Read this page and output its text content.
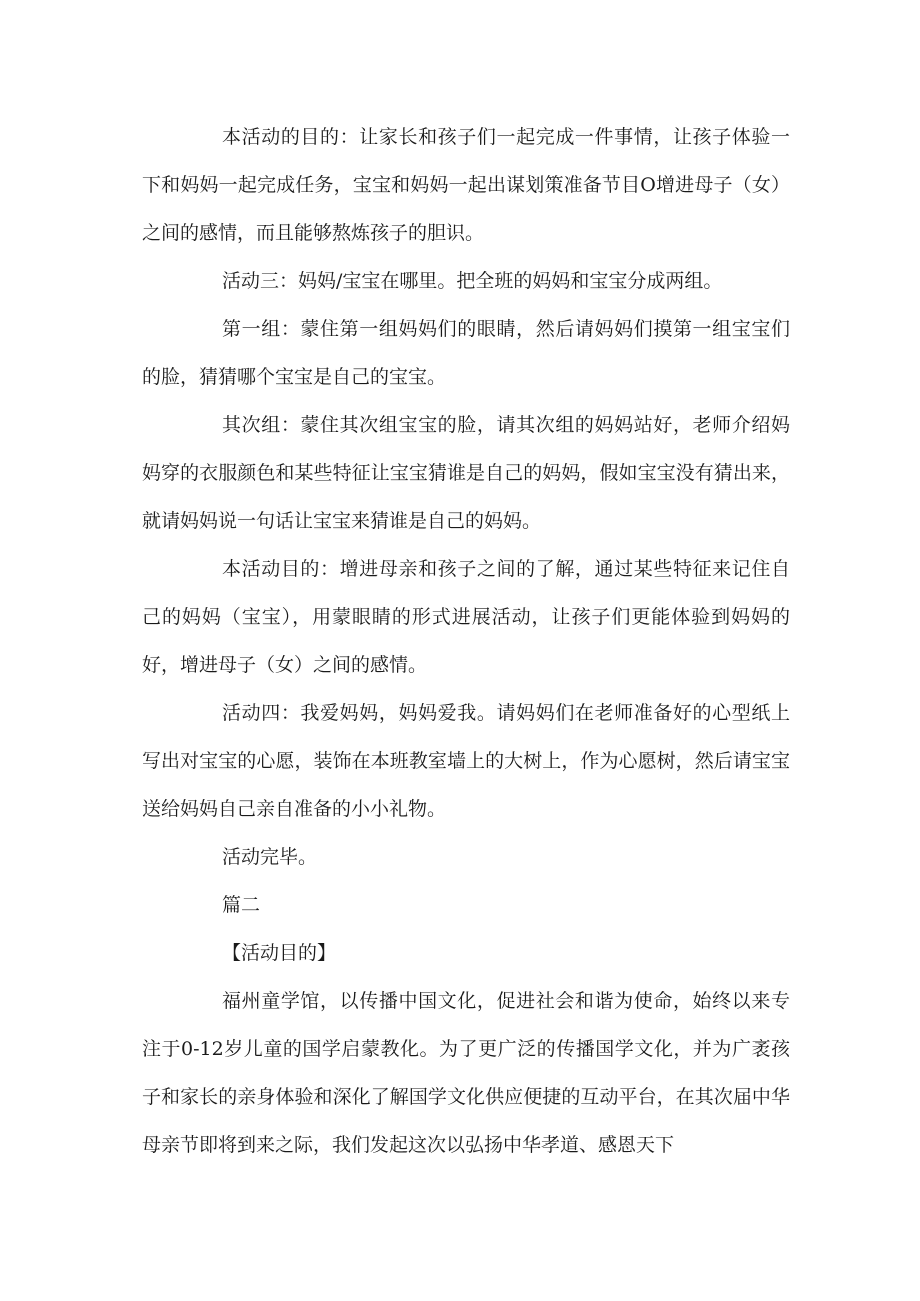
本活动的目的：让家长和孩子们一起完成一件事情，让孩子体验一下和妈妈一起完成任务，宝宝和妈妈一起出谋划策准备节目O增进母子（女）之间的感情，而且能够熬炼孩子的胆识。

活动三：妈妈/宝宝在哪里。把全班的妈妈和宝宝分成两组。

第一组：蒙住第一组妈妈们的眼睛，然后请妈妈们摸第一组宝宝们的脸，猜猜哪个宝宝是自己的宝宝。

其次组：蒙住其次组宝宝的脸，请其次组的妈妈站好，老师介绍妈妈穿的衣服颜色和某些特征让宝宝猜谁是自己的妈妈，假如宝宝没有猜出来，就请妈妈说一句话让宝宝来猜谁是自己的妈妈。

本活动目的：增进母亲和孩子之间的了解，通过某些特征来记住自己的妈妈（宝宝），用蒙眼睛的形式进展活动，让孩子们更能体验到妈妈的好，增进母子（女）之间的感情。

活动四：我爱妈妈，妈妈爱我。请妈妈们在老师准备好的心型纸上写出对宝宝的心愿，装饰在本班教室墙上的大树上，作为心愿树，然后请宝宝送给妈妈自己亲自准备的小小礼物。

活动完毕。

篇二

【活动目的】

福州童学馆，以传播中国文化，促进社会和谐为使命，始终以来专注于0-12岁儿童的国学启蒙教化。为了更广泛的传播国学文化，并为广袤孩子和家长的亲身体验和深化了解国学文化供应便捷的互动平台，在其次届中华母亲节即将到来之际，我们发起这次以弘扬中华孝道、感恩天下
